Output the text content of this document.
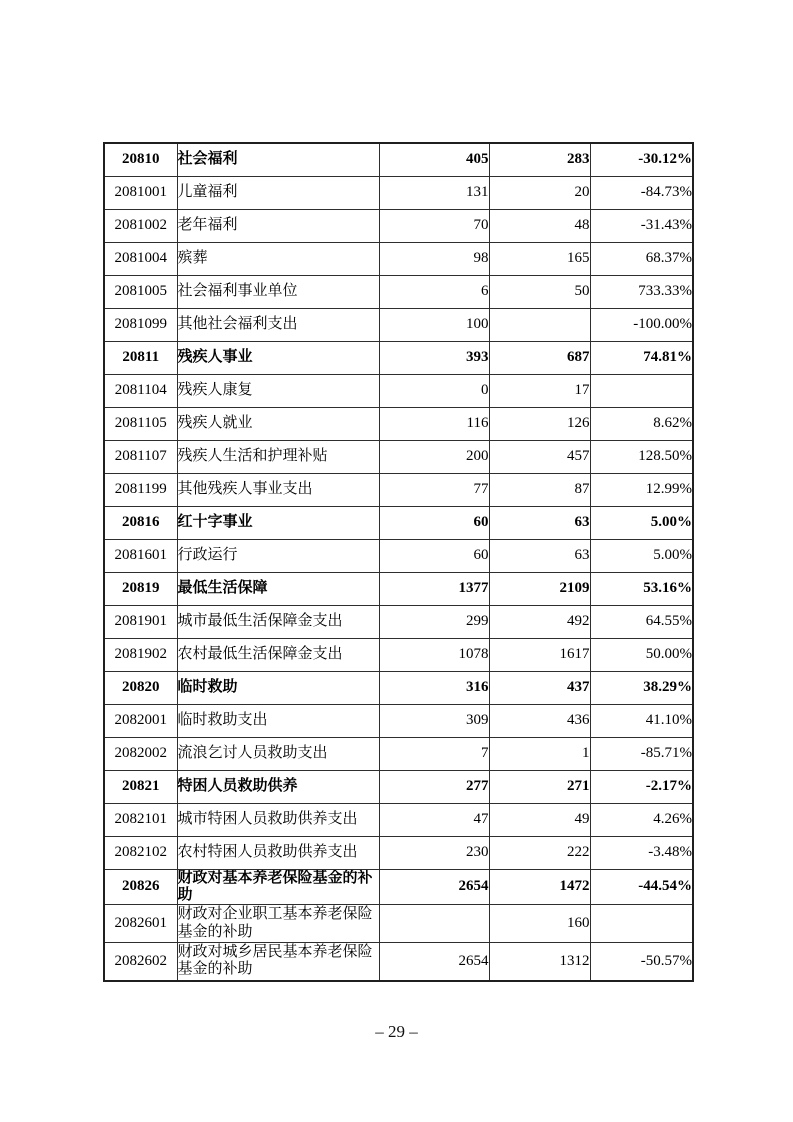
20810	社会福利	405	283	-30.12%
2081001	儿童福利	131	20	-84.73%
2081002	老年福利	70	48	-31.43%
2081004	殡葬	98	165	68.37%
2081005	社会福利事业单位	6	50	733.33%
2081099	其他社会福利支出	100		-100.00%
20811	残疾人事业	393	687	74.81%
2081104	残疾人康复	0	17	
2081105	残疾人就业	116	126	8.62%
2081107	残疾人生活和护理补贴	200	457	128.50%
2081199	其他残疾人事业支出	77	87	12.99%
20816	红十字事业	60	63	5.00%
2081601	行政运行	60	63	5.00%
20819	最低生活保障	1377	2109	53.16%
2081901	城市最低生活保障金支出	299	492	64.55%
2081902	农村最低生活保障金支出	1078	1617	50.00%
20820	临时救助	316	437	38.29%
2082001	临时救助支出	309	436	41.10%
2082002	流浪乞讨人员救助支出	7	1	-85.71%
20821	特困人员救助供养	277	271	-2.17%
2082101	城市特困人员救助供养支出	47	49	4.26%
2082102	农村特困人员救助供养支出	230	222	-3.48%
20826	财政对基本养老保险基金的补助	2654	1472	-44.54%
2082601	财政对企业职工基本养老保险基金的补助		160	
2082602	财政对城乡居民基本养老保险基金的补助	2654	1312	-50.57%
– 29 –
